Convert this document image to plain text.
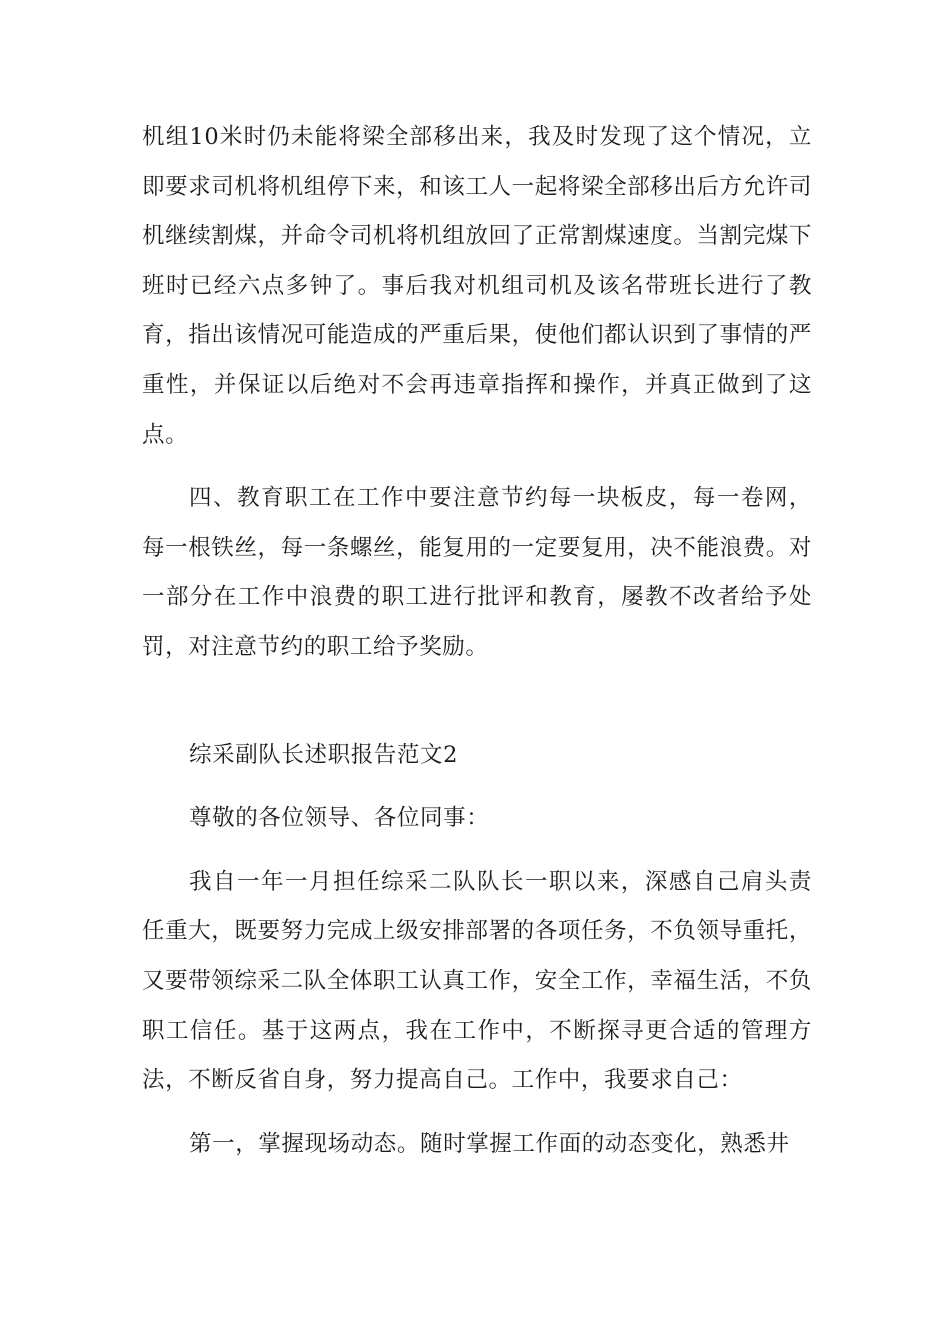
机组10米时仍未能将梁全部移出来，我及时发现了这个情况，立即要求司机将机组停下来，和该工人一起将梁全部移出后方允许司机继续割煤，并命令司机将机组放回了正常割煤速度。当割完煤下班时已经六点多钟了。事后我对机组司机及该名带班长进行了教育，指出该情况可能造成的严重后果，使他们都认识到了事情的严重性，并保证以后绝对不会再违章指挥和操作，并真正做到了这点。

四、教育职工在工作中要注意节约每一块板皮，每一卷网，每一根铁丝，每一条螺丝，能复用的一定要复用，决不能浪费。对一部分在工作中浪费的职工进行批评和教育，屡教不改者给予处罚，对注意节约的职工给予奖励。

综采副队长述职报告范文2

尊敬的各位领导、各位同事：

我自一年一月担任综采二队队长一职以来，深感自己肩头责任重大，既要努力完成上级安排部署的各项任务，不负领导重托，又要带领综采二队全体职工认真工作，安全工作，幸福生活，不负职工信任。基于这两点，我在工作中，不断探寻更合适的管理方法，不断反省自身，努力提高自己。工作中，我要求自己：

第一，掌握现场动态。随时掌握工作面的动态变化，熟悉井
